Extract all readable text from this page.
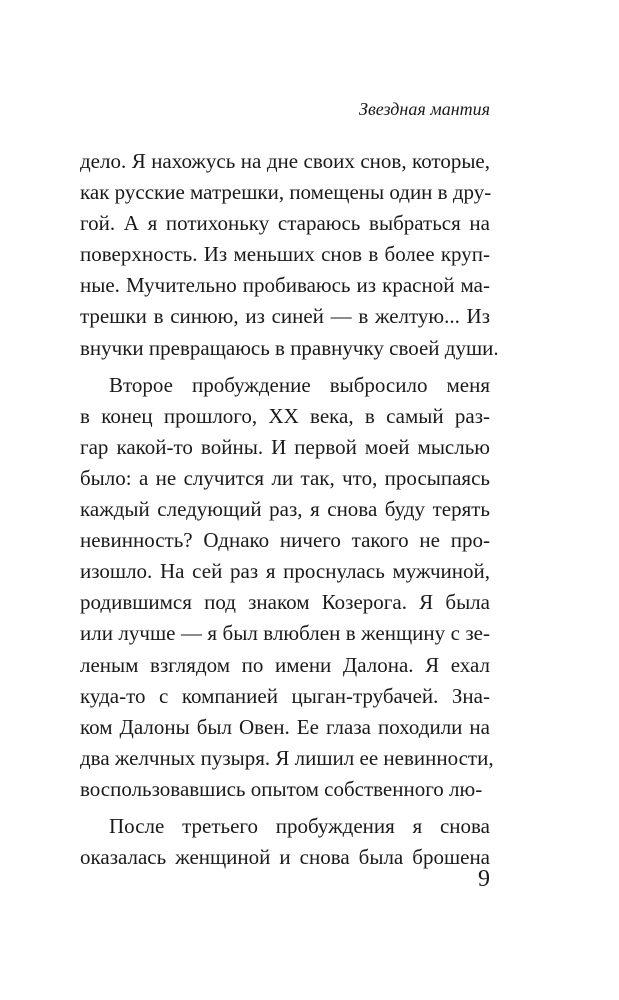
Звездная мантия
дело. Я нахожусь на дне своих снов, которые,
как русские матрешки, помещены один в дру-
гой. А я потихоньку стараюсь выбраться на
поверхность. Из меньших снов в более круп-
ные. Мучительно пробиваюсь из красной ма-
трешки в синюю, из синей — в желтую... Из
внучки превращаюсь в правнучку своей души.
Второе пробуждение выбросило меня
в конец прошлого, XX века, в самый раз-
гар какой-то войны. И первой моей мыслью
было: а не случится ли так, что, просыпаясь
каждый следующий раз, я снова буду терять
невинность? Однако ничего такого не про-
изошло. На сей раз я проснулась мужчиной,
родившимся под знаком Козерога. Я была
или лучше — я был влюблен в женщину с зе-
леным взглядом по имени Далона. Я ехал
куда-то с компанией цыган-трубачей. Зна-
ком Далоны был Овен. Ее глаза походили на
два желчных пузыря. Я лишил ее невинности,
воспользовавшись опытом собственного лю-
После третьего пробуждения я снова
оказалась женщиной и снова была брошена
9
